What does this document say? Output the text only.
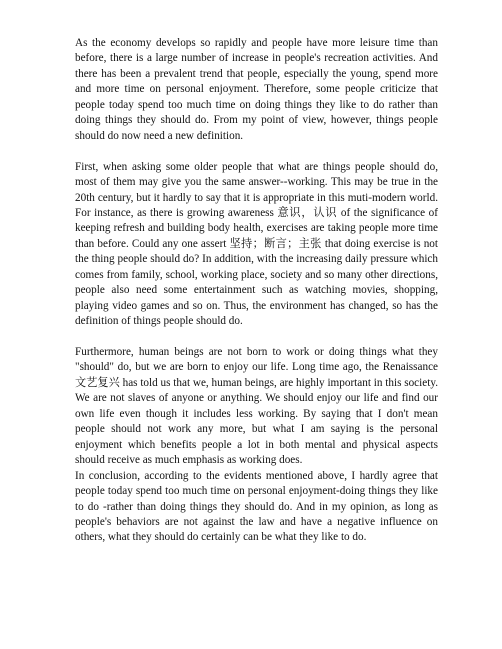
As the economy develops so rapidly and people have more leisure time than before, there is a large number of increase in people's recreation activities. And there has been a prevalent trend that people, especially the young, spend more and more time on personal enjoyment. Therefore, some people criticize that people today spend too much time on doing things they like to do rather than doing things they should do. From my point of view, however, things people should do now need a new definition.

First, when asking some older people that what are things people should do, most of them may give you the same answer--working. This may be true in the 20th century, but it hardly to say that it is appropriate in this muti-modern world. For instance, as there is growing awareness 意识，认识 of the significance of keeping refresh and building body health, exercises are taking people more time than before. Could any one assert 坚持；断言；主张 that doing exercise is not the thing people should do? In addition, with the increasing daily pressure which comes from family, school, working place, society and so many other directions, people also need some entertainment such as watching movies, shopping, playing video games and so on. Thus, the environment has changed, so has the definition of things people should do.

Furthermore, human beings are not born to work or doing things what they "should" do, but we are born to enjoy our life. Long time ago, the Renaissance 文艺复兴 has told us that we, human beings, are highly important in this society. We are not slaves of anyone or anything. We should enjoy our life and find our own life even though it includes less working. By saying that I don't mean people should not work any more, but what I am saying is the personal enjoyment which benefits people a lot in both mental and physical aspects should receive as much emphasis as working does.

In conclusion, according to the evidents mentioned above, I hardly agree that people today spend too much time on personal enjoyment-doing things they like to do -rather than doing things they should do. And in my opinion, as long as people's behaviors are not against the law and have a negative influence on others, what they should do certainly can be what they like to do.
